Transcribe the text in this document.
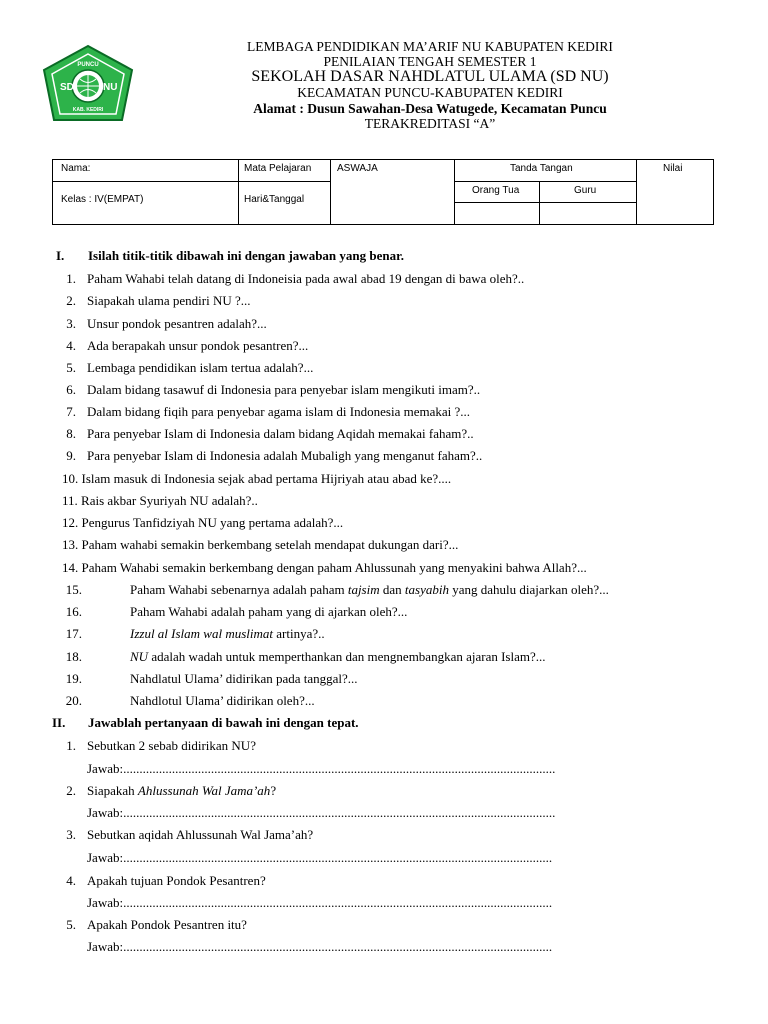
SD	NU
PUNCU
KAB. KEDIRI
LEMBAGA PENDIDIKAN MA’ARIF NU KABUPATEN KEDIRI
PENILAIAN TENGAH SEMESTER 1
SEKOLAH DASAR NAHDLATUL ULAMA (SD NU)
KECAMATAN PUNCU-KABUPATEN KEDIRI
Alamat : Dusun Sawahan-Desa Watugede, Kecamatan Puncu
TERAKREDITASI “A”
Nama:	Mata Pelajaran	ASWAJA	Tanda Tangan	Nilai
Orang Tua	Guru
Kelas : IV(EMPAT)	Hari&Tanggal
I. Isilah titik-titik dibawah ini dengan jawaban yang benar.
1. Paham Wahabi telah datang di Indoneisia pada awal abad 19 dengan di bawa oleh?..
2. Siapakah ulama pendiri NU ?...
3. Unsur pondok pesantren adalah?...
4. Ada berapakah unsur pondok pesantren?...
5. Lembaga pendidikan islam tertua adalah?...
6. Dalam bidang tasawuf di Indonesia para penyebar islam mengikuti imam?..
7. Dalam bidang fiqih para penyebar agama islam di Indonesia memakai ?...
8. Para penyebar Islam di Indonesia dalam bidang Aqidah memakai faham?..
9. Para penyebar Islam di Indonesia adalah Mubaligh yang menganut faham?..
10. Islam masuk di Indonesia sejak abad pertama Hijriyah atau abad ke?....
11. Rais akbar Syuriyah NU adalah?..
12. Pengurus Tanfidziyah NU yang pertama adalah?...
13. Paham wahabi semakin berkembang setelah mendapat dukungan dari?...
14. Paham Wahabi semakin berkembang dengan paham Ahlussunah yang menyakini bahwa Allah?...
15.	Paham Wahabi sebenarnya adalah paham tajsim dan tasyabih yang dahulu diajarkan oleh?...
16.	Paham Wahabi adalah paham yang di ajarkan oleh?...
17.	Izzul al Islam wal muslimat artinya?..
18.	NU adalah wadah untuk memperthankan dan mengnembangkan ajaran Islam?...
19.	Nahdlatul Ulama’ didirikan pada tanggal?...
20.	Nahdlotul Ulama’ didirikan oleh?...
II. Jawablah pertanyaan di bawah ini dengan tepat.
1. Sebutkan 2 sebab didirikan NU?
Jawab:.....................................................................................................................................
2. Siapakah Ahlussunah Wal Jama’ah?
Jawab:.....................................................................................................................................
3. Sebutkan aqidah Ahlussunah Wal Jama’ah?
Jawab:....................................................................................................................................
4. Apakah tujuan Pondok Pesantren?
Jawab:....................................................................................................................................
5. Apakah Pondok Pesantren itu?
Jawab:....................................................................................................................................
